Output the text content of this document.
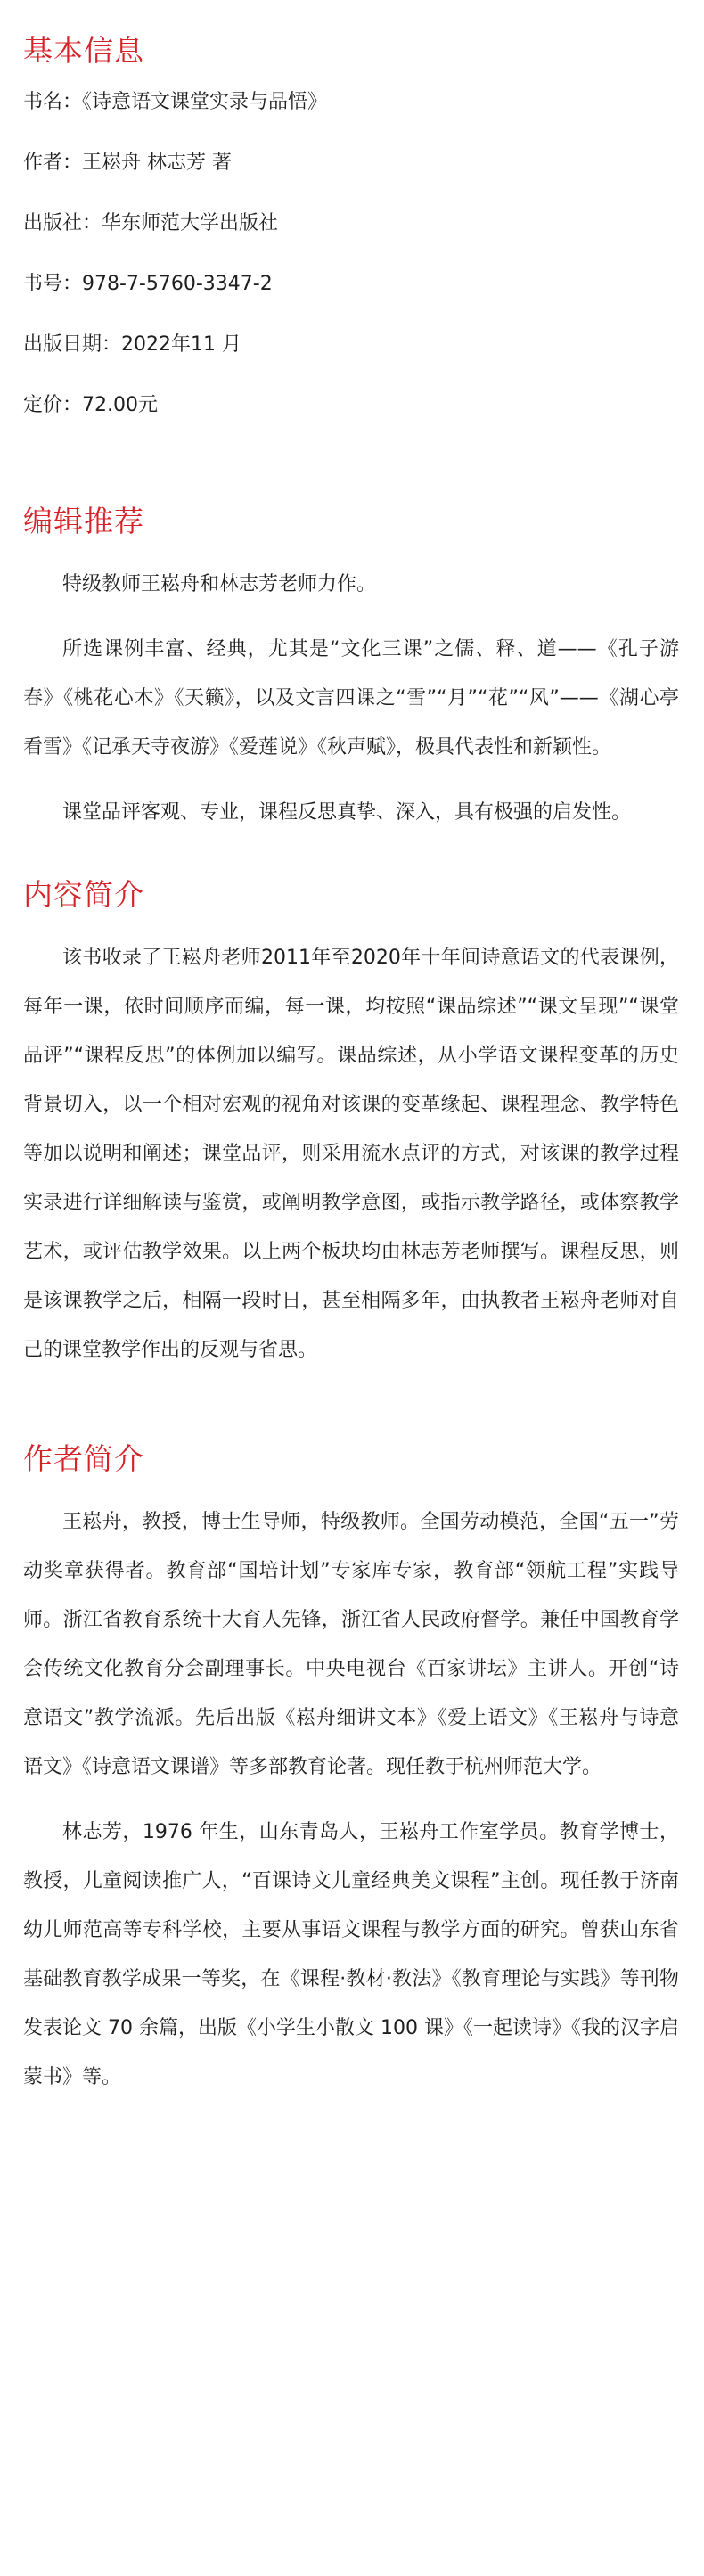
基本信息

书名：《诗意语文课堂实录与品悟》

作者：王崧舟 林志芳 著

出版社：华东师范大学出版社

书号：978-7-5760-3347-2

出版日期：2022年11 月

定价：72.00元

编辑推荐

特级教师王崧舟和林志芳老师力作。

所选课例丰富、经典，尤其是“文化三课”之儒、释、道——《孔子游春》《桃花心木》《天籁》，以及文言四课之“雪”“月”“花”“风”——《湖心亭看雪》《记承天寺夜游》《爱莲说》《秋声赋》，极具代表性和新颖性。

课堂品评客观、专业，课程反思真挚、深入，具有极强的启发性。

内容简介

该书收录了王崧舟老师2011年至2020年十年间诗意语文的代表课例，每年一课，依时间顺序而编，每一课，均按照“课品综述”“课文呈现”“课堂品评”“课程反思”的体例加以编写。课品综述，从小学语文课程变革的历史背景切入，以一个相对宏观的视角对该课的变革缘起、课程理念、教学特色等加以说明和阐述；课堂品评，则采用流水点评的方式，对该课的教学过程实录进行详细解读与鉴赏，或阐明教学意图，或指示教学路径，或体察教学艺术，或评估教学效果。以上两个板块均由林志芳老师撰写。课程反思，则是该课教学之后，相隔一段时日，甚至相隔多年，由执教者王崧舟老师对自己的课堂教学作出的反观与省思。

作者简介

王崧舟，教授，博士生导师，特级教师。全国劳动模范，全国“五一”劳动奖章获得者。教育部“国培计划”专家库专家，教育部“领航工程”实践导师。浙江省教育系统十大育人先锋，浙江省人民政府督学。兼任中国教育学会传统文化教育分会副理事长。中央电视台《百家讲坛》主讲人。开创“诗意语文”教学流派。先后出版《崧舟细讲文本》《爱上语文》《王崧舟与诗意语文》《诗意语文课谱》等多部教育论著。现任教于杭州师范大学。

林志芳，1976 年生，山东青岛人，王崧舟工作室学员。教育学博士，教授，儿童阅读推广人，“百课诗文儿童经典美文课程”主创。现任教于济南幼儿师范高等专科学校，主要从事语文课程与教学方面的研究。曾获山东省基础教育教学成果一等奖，在《课程·教材·教法》《教育理论与实践》等刊物发表论文 70 余篇，出版《小学生小散文 100 课》《一起读诗》《我的汉字启蒙书》等。
